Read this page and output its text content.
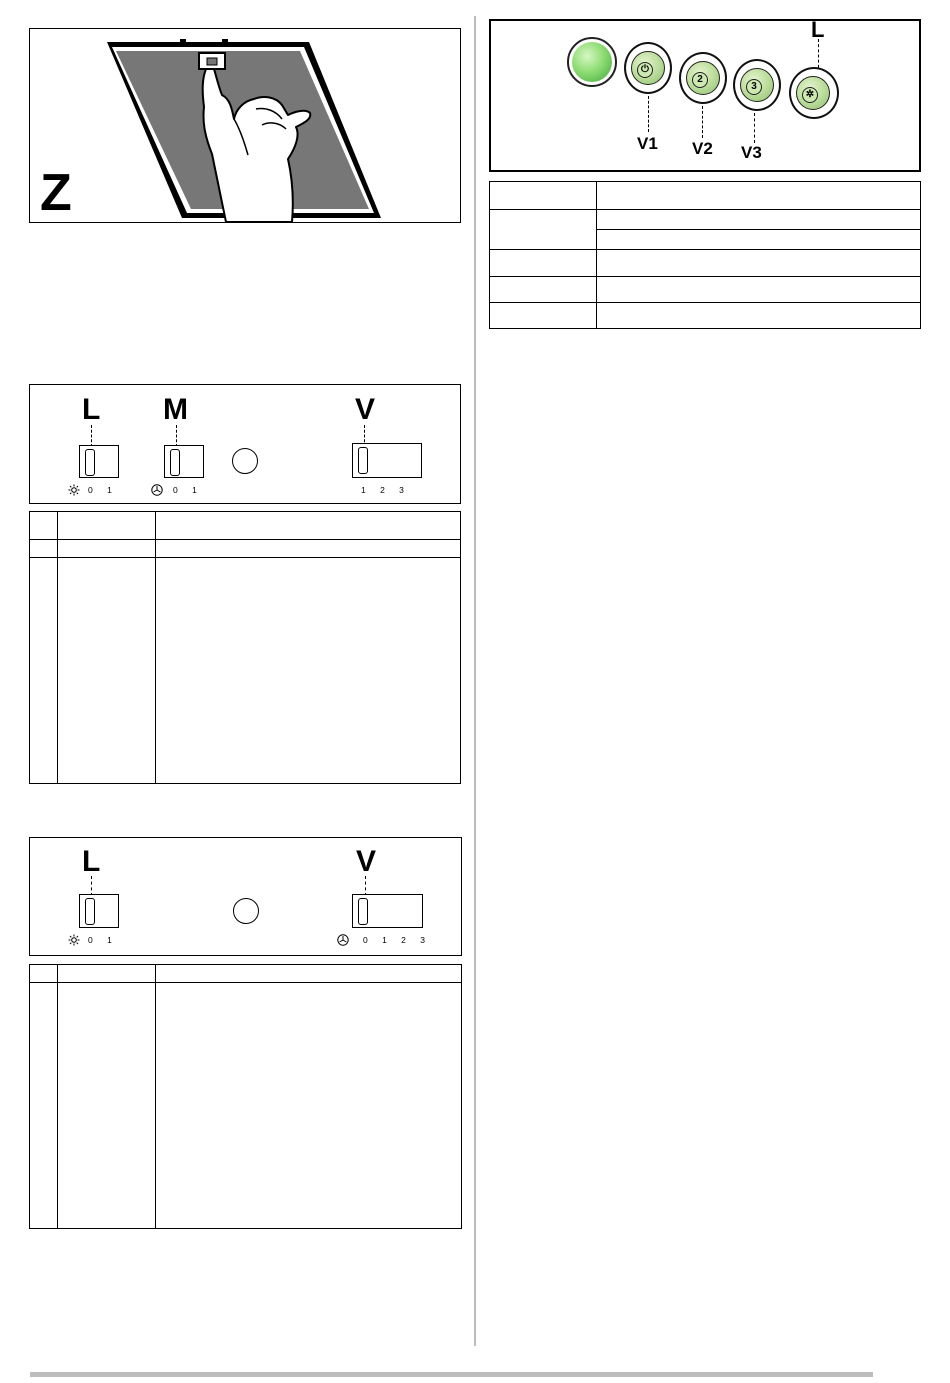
Z
L M	V
0 1	0 1	1 2 3

L	V
0 1	0 1 2 3

L
⏻
2
3
✲
V1 V2 V3
